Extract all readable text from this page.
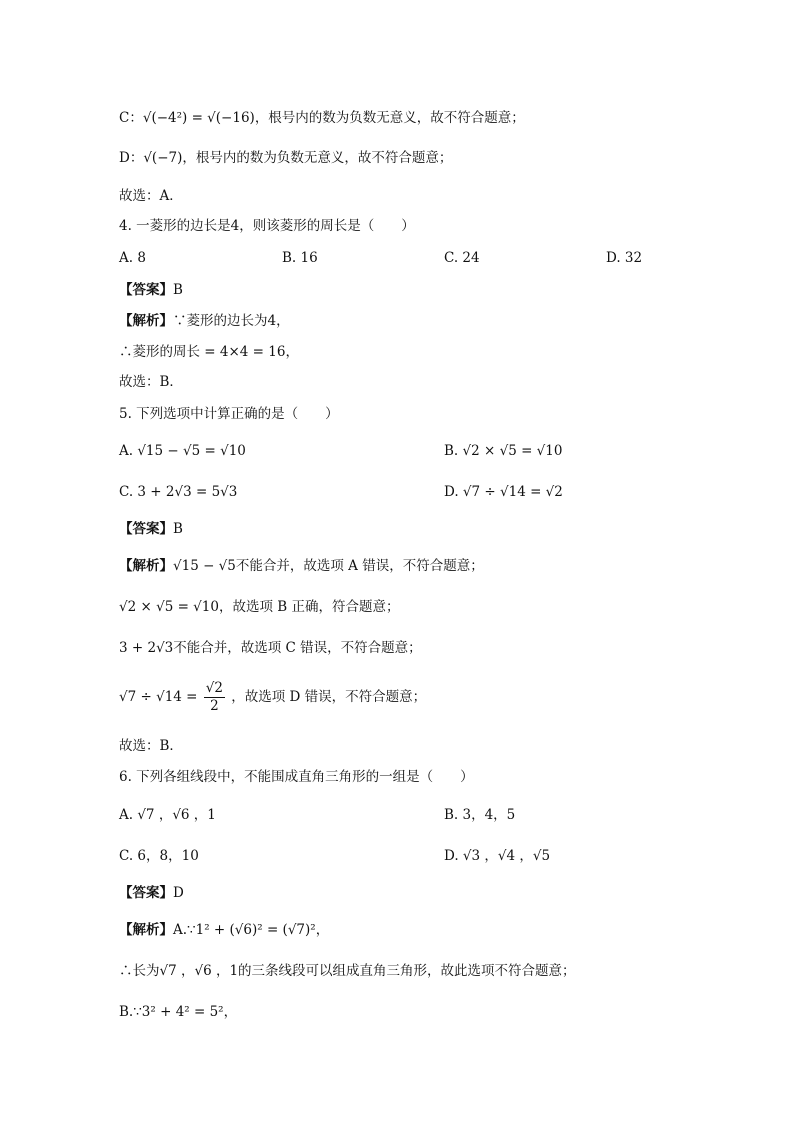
C：√(−4²) = √(−16)，根号内的数为负数无意义，故不符合题意；
D：√(−7)，根号内的数为负数无意义，故不符合题意；
故选：A．
4. 一菱形的边长是4，则该菱形的周长是（　　）
A. 8	B. 16	C. 24	D. 32
【答案】B
【解析】∵菱形的边长为4，
∴菱形的周长 = 4×4 = 16，
故选：B．
5. 下列选项中计算正确的是（　　）
A. √15 − √5 = √10	B. √2 × √5 = √10
C. 3 + 2√3 = 5√3	D. √7 ÷ √14 = √2
【答案】B
【解析】√15 − √5不能合并，故选项 A 错误，不符合题意；
√2 × √5 = √10，故选项 B 正确，符合题意；
3 + 2√3不能合并，故选项 C 错误，不符合题意；
$√7 \div √14 = \frac{√2}{2}$ ，故选项 D 错误，不符合题意；
故选：B．
6. 下列各组线段中，不能围成直角三角形的一组是（　　）
A. √7 ，√6 ，1	B. 3，4，5
C. 6，8，10	D. √3 ，√4 ，√5
【答案】D
【解析】A.∵1² + (√6)² = (√7)²，
∴长为√7 ，√6 ，1的三条线段可以组成直角三角形，故此选项不符合题意；
B.∵3² + 4² = 5²，
